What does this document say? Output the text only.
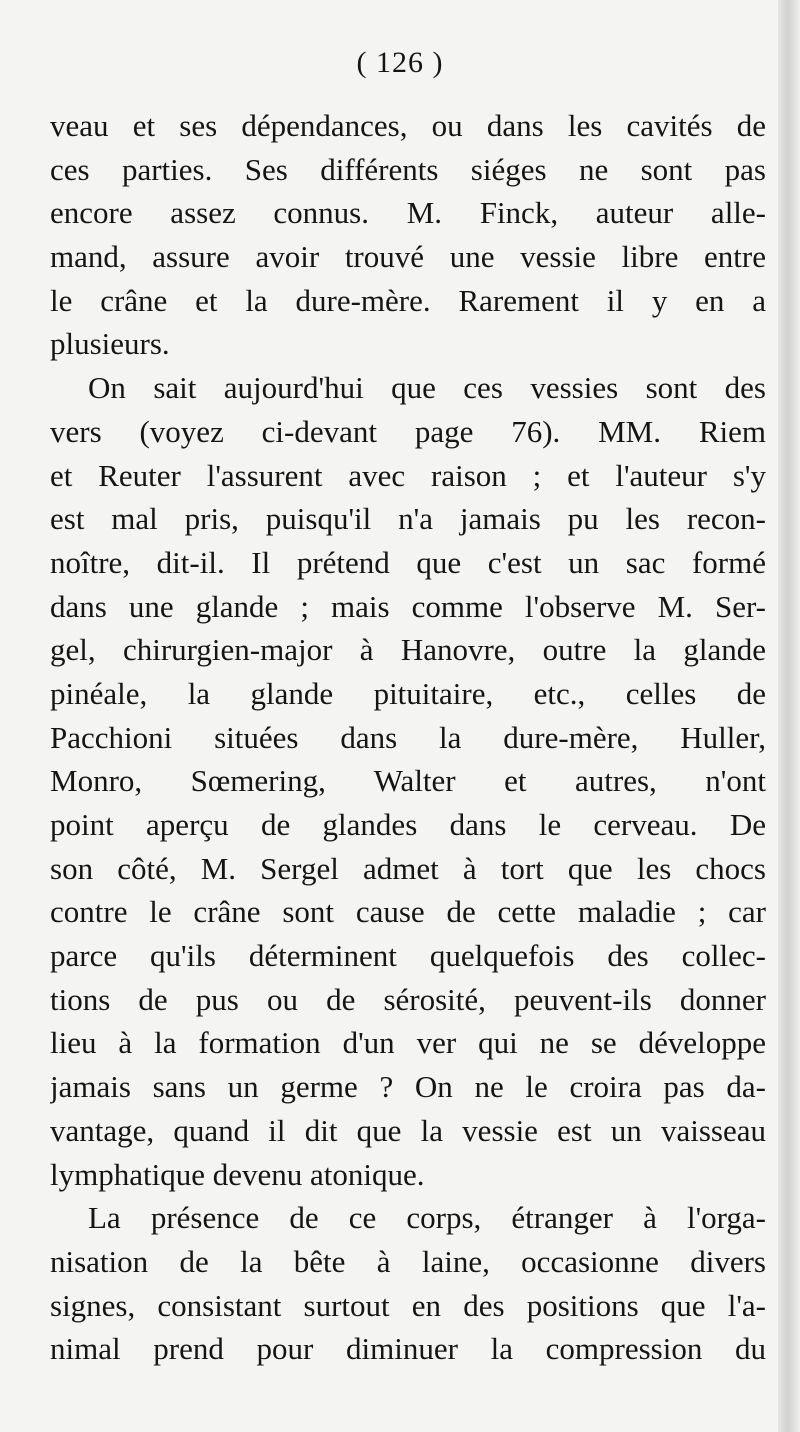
( 126 )
veau et ses dépendances, ou dans les cavités de
ces parties. Ses différents siéges ne sont pas
encore assez connus. M. Finck, auteur alle-
mand, assure avoir trouvé une vessie libre entre
le crâne et la dure-mère. Rarement il y en a
plusieurs.
On sait aujourd'hui que ces vessies sont des
vers (voyez ci-devant page 76). MM. Riem
et Reuter l'assurent avec raison ; et l'auteur s'y
est mal pris, puisqu'il n'a jamais pu les recon-
noître, dit-il. Il prétend que c'est un sac formé
dans une glande ; mais comme l'observe M. Ser-
gel, chirurgien-major à Hanovre, outre la glande
pinéale, la glande pituitaire, etc., celles de
Pacchioni situées dans la dure-mère, Huller,
Monro, Sœmering, Walter et autres, n'ont
point aperçu de glandes dans le cerveau. De
son côté, M. Sergel admet à tort que les chocs
contre le crâne sont cause de cette maladie ; car
parce qu'ils déterminent quelquefois des collec-
tions de pus ou de sérosité, peuvent-ils donner
lieu à la formation d'un ver qui ne se développe
jamais sans un germe ? On ne le croira pas da-
vantage, quand il dit que la vessie est un vaisseau
lymphatique devenu atonique.
La présence de ce corps, étranger à l'orga-
nisation de la bête à laine, occasionne divers
signes, consistant surtout en des positions que l'a-
nimal prend pour diminuer la compression du
